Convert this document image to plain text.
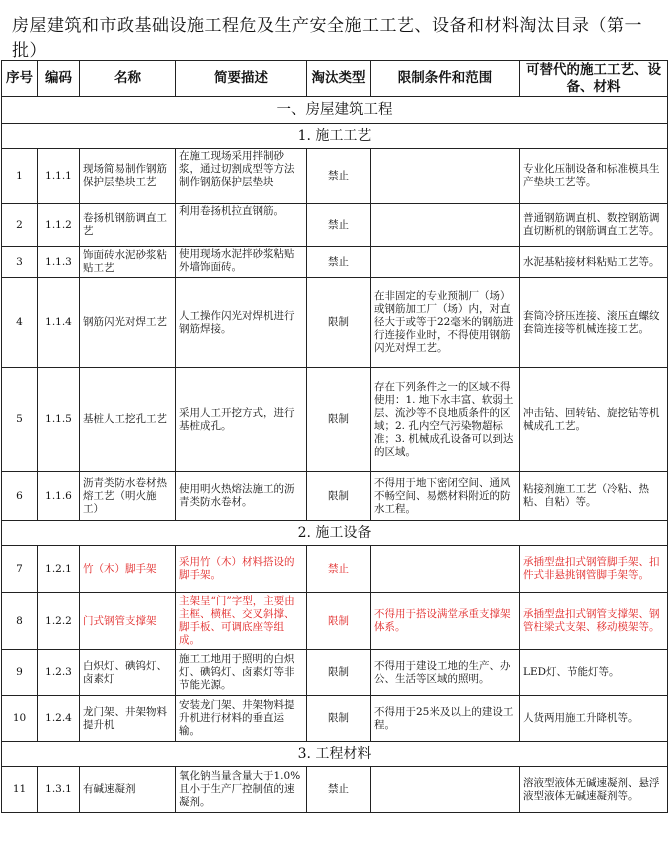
房屋建筑和市政基础设施工程危及生产安全施工工艺、设备和材料淘汰目录（第一批）
序号	编码	名称	简要描述	淘汰类型	限制条件和范围	可替代的施工工艺、设备、材料
一、房屋建筑工程						
1. 施工工艺						
1	1.1.1	现场简易制作钢筋保护层垫块工艺	在施工现场采用拌制砂浆，通过切割成型等方法制作钢筋保护层垫块	禁止		专业化压制设备和标准模具生产垫块工艺等。
2	1.1.2	卷扬机钢筋调直工艺	利用卷扬机拉直钢筋。	禁止		普通钢筋调直机、数控钢筋调直切断机的钢筋调直工艺等。
3	1.1.3	饰面砖水泥砂浆粘贴工艺	使用现场水泥拌砂浆粘贴外墙饰面砖。	禁止		水泥基粘接材料粘贴工艺等。
4	1.1.4	钢筋闪光对焊工艺	人工操作闪光对焊机进行钢筋焊接。	限制	在非固定的专业预制厂（场）或钢筋加工厂（场）内，对直径大于或等于22毫米的钢筋进行连接作业时，不得使用钢筋闪光对焊工艺。	套筒冷挤压连接、滚压直螺纹套筒连接等机械连接工艺。
5	1.1.5	基桩人工挖孔工艺	采用人工开挖方式，进行基桩成孔。	限制	存在下列条件之一的区域不得使用：1. 地下水丰富、软弱土层、流沙等不良地质条件的区域；2. 孔内空气污染物超标准；3. 机械成孔设备可以到达的区域。	冲击钻、回转钻、旋挖钻等机械成孔工艺。
6	1.1.6	沥青类防水卷材热熔工艺（明火施工）	使用明火热熔法施工的沥青类防水卷材。	限制	不得用于地下密闭空间、通风不畅空间、易燃材料附近的防水工程。	粘接剂施工工艺（冷粘、热粘、自粘）等。
2. 施工设备						
7	1.2.1	竹（木）脚手架	采用竹（木）材料搭设的脚手架。	禁止		承插型盘扣式钢管脚手架、扣件式非悬挑钢管脚手架等。
8	1.2.2	门式钢管支撑架	主架呈“门”字型，主要由主框、横框、交叉斜撑、脚手板、可调底座等组成。	限制	不得用于搭设满堂承重支撑架体系。	承插型盘扣式钢管支撑架、钢管柱梁式支架、移动模架等。
9	1.2.3	白炽灯、碘钨灯、卤素灯	施工工地用于照明的白炽灯、碘钨灯、卤素灯等非节能光源。	限制	不得用于建设工地的生产、办公、生活等区域的照明。	LED灯、节能灯等。
10	1.2.4	龙门架、井架物料提升机	安装龙门架、井架物料提升机进行材料的垂直运输。	限制	不得用于25米及以上的建设工程。	人货两用施工升降机等。
3. 工程材料						
11	1.3.1	有碱速凝剂	氧化钠当量含量大于1.0%且小于生产厂控制值的速凝剂。	禁止		溶液型液体无碱速凝剂、悬浮液型液体无碱速凝剂等。
